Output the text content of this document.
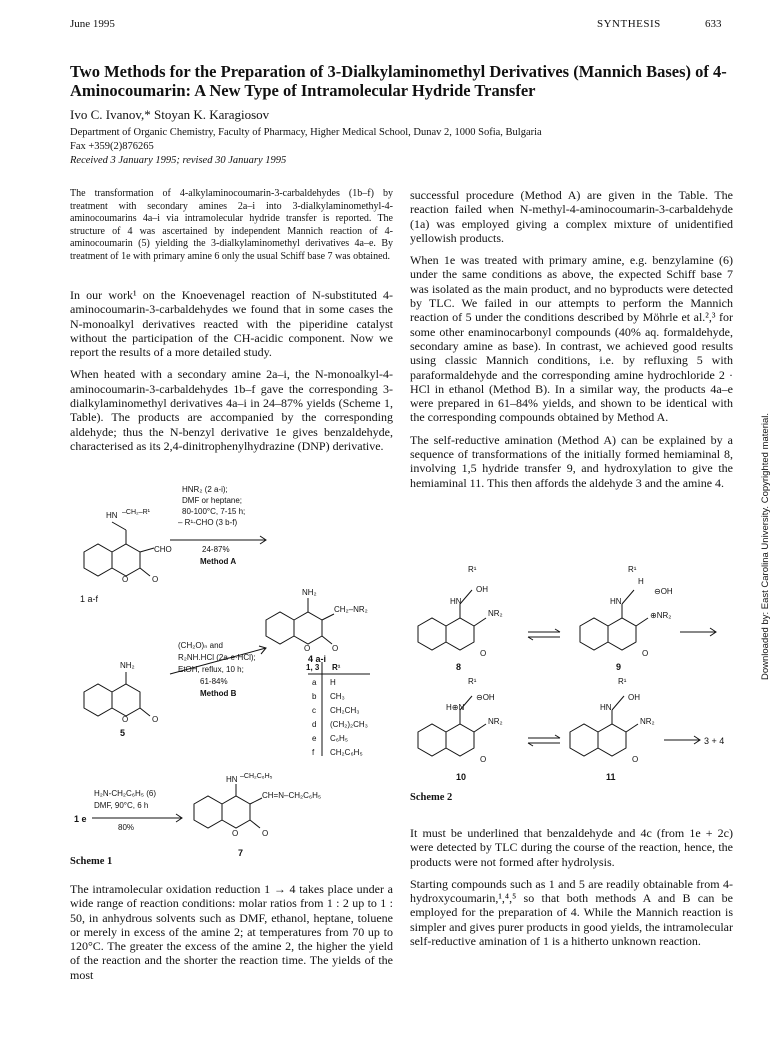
June 1995	SYNTHESIS	633
Two Methods for the Preparation of 3-Dialkylaminomethyl Derivatives (Mannich Bases) of 4-Aminocoumarin: A New Type of Intramolecular Hydride Transfer
Ivo C. Ivanov,* Stoyan K. Karagiosov
Department of Organic Chemistry, Faculty of Pharmacy, Higher Medical School, Dunav 2, 1000 Sofia, Bulgaria
Fax +359(2)876265
Received 3 January 1995; revised 30 January 1995
The transformation of 4-alkylaminocoumarin-3-carbaldehydes (1b–f) by treatment with secondary amines 2a–i into 3-dialkylaminomethyl-4-aminocoumarins 4a–i via intramolecular hydride transfer is reported. The structure of 4 was ascertained by independent Mannich reaction of 4-aminocoumarin (5) yielding the 3-dialkylaminomethyl derivatives 4a–e. By treatment of 1e with primary amine 6 only the usual Schiff base 7 was obtained.

In our work¹ on the Knoevenagel reaction of N-substituted 4-aminocoumarin-3-carbaldehydes we found that in some cases the N-monoalkyl derivatives reacted with the piperidine catalyst without the participation of the CH-acidic component. Now we report the results of a more detailed study.

When heated with a secondary amine 2a–i, the N-monoalkyl-4-aminocoumarin-3-carbaldehydes 1b–f gave the corresponding 3-dialkylaminomethyl derivatives 4a–i in 24–87% yields (Scheme 1, Table). The products are accompanied by the corresponding aldehyde; thus the N-benzyl derivative 1e gives benzaldehyde, characterised as its 2,4-dinitrophenylhydrazine (DNP) derivative.

HN –CH₂–R¹
CHO
O
O
1 a-f
HNR₂ (2 a-i);
DMF or heptane;
80-100°C, 7-15 h;
– R¹-CHO (3 b-f)
24-87%
Method A
NH₂
CH₂–NR₂
O
O
4 a-i
NH₂
O
O
5
(CH₂O)ₙ and
R₂NH.HCl (2a-e·HCl);
EtOH, reflux, 10 h;
61-84%
Method B
1, 3 R¹
a H
b CH₃
c CH₂CH₃
d (CH₂)₂CH₃
e C₆H₅
f CH₂C₆H₅
H₂N-CH₂C₆H₅ (6)
DMF, 90°C, 6 h
80%
1 e
HN –CH₂C₆H₅
CH=N–CH₂C₆H₅
O
O
7
Scheme 1
The intramolecular oxidation reduction 1 → 4 takes place under a wide range of reaction conditions: molar ratios from 1 : 2 up to 1 : 50, in anhydrous solvents such as DMF, ethanol, heptane, toluene or merely in excess of the amine 2; at temperatures from 70 up to 120°C. The greater the excess of the amine 2, the higher the yield of the reaction and the shorter the reaction time. The yields of the most

successful procedure (Method A) are given in the Table. The reaction failed when N-methyl-4-aminocoumarin-3-carbaldehyde (1a) was employed giving a complex mixture of unidentified yellowish products.

When 1e was treated with primary amine, e.g. benzylamine (6) under the same conditions as above, the expected Schiff base 7 was isolated as the main product, and no byproducts were detected by TLC. We failed in our attempts to perform the Mannich reaction of 5 under the conditions described by Möhrle et al.²,³ for some other enaminocarbonyl compounds (40% aq. formaldehyde, secondary amine as base). In contrast, we achieved good results using classic Mannich conditions, i.e. by refluxing 5 with paraformaldehyde and the corresponding amine hydrochloride 2 · HCl in ethanol (Method B). In a similar way, the products 4a–e were prepared in 61–84% yields, and shown to be identical with the corresponding compounds obtained by Method A.

The self-reductive amination (Method A) can be explained by a sequence of transformations of the initially formed hemiaminal 8, involving 1,5 hydride transfer 9, and hydroxylation to give the hemiaminal 11. This then affords the aldehyde 3 and the amine 4.

R¹
HN
OH
NR₂
O
8
R¹
HN
H
⊖OH
⊕NR₂
O
9
R¹
H⊕N
⊖OH
NR₂
O
10
R¹
HN
OH
NR₂
O
11
3 + 4
Scheme 2

It must be underlined that benzaldehyde and 4c (from 1e + 2c) were detected by TLC during the course of the reaction, hence, the products were not formed after hydrolysis.

Starting compounds such as 1 and 5 are readily obtainable from 4-hydroxycoumarin,¹,⁴,⁵ so that both methods A and B can be employed for the preparation of 4. While the Mannich reaction is simpler and gives purer products in good yields, the intramolecular self-reductive amination of 1 is a hitherto unknown reaction.

Downloaded by: East Carolina University. Copyrighted material.
